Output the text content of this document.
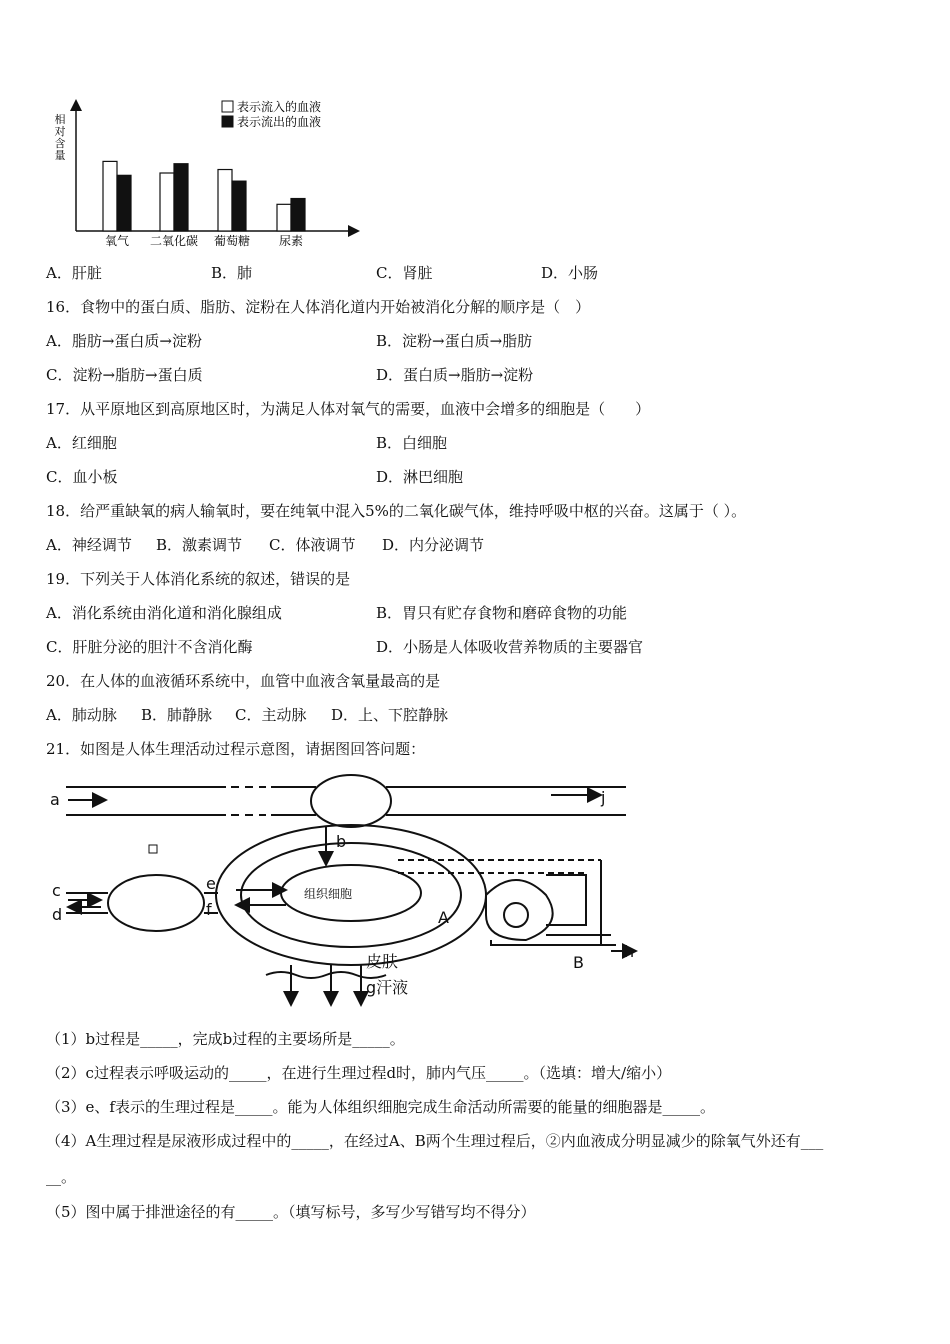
相
对
含
量
氧气 二氧化碳 葡萄糖 尿素
表示流入的血液
表示流出的血液
A．肝脏	B．肺	C．肾脏	D．小肠
16．食物中的蛋白质、脂肪、淀粉在人体消化道内开始被消化分解的顺序是（　）
A．脂肪→蛋白质→淀粉	B．淀粉→蛋白质→脂肪
C．淀粉→脂肪→蛋白质	D．蛋白质→脂肪→淀粉
17．从平原地区到高原地区时，为满足人体对氧气的需要，血液中会增多的细胞是（　　）
A．红细胞	B．白细胞
C．血小板	D．淋巴细胞
18．给严重缺氧的病人输氧时，要在纯氧中混入5%的二氧化碳气体，维持呼吸中枢的兴奋。这属于（ ）。
A．神经调节 B．激素调节 C．体液调节 D．内分泌调节
19．下列关于人体消化系统的叙述，错误的是
A．消化系统由消化道和消化腺组成	B．胃只有贮存食物和磨碎食物的功能
C．肝脏分泌的胆汁不含消化酶	D．小肠是人体吸收营养物质的主要器官
20．在人体的血液循环系统中，血管中血液含氧量最高的是
A．肺动脉 B．肺静脉 C．主动脉 D．上、下腔静脉
21．如图是人体生理活动过程示意图，请据图回答问题：
a	j
b
c
d
e
f
组织细胞
A
B
h
皮肤
g汗液
（1）b过程是_____，完成b过程的主要场所是_____。
（2）c过程表示呼吸运动的_____，在进行生理过程d时，肺内气压_____。（选填：增大/缩小）
（3）e、f表示的生理过程是_____。能为人体组织细胞完成生命活动所需要的能量的细胞器是_____。
（4）A生理过程是尿液形成过程中的_____，在经过A、B两个生理过程后，②内血液成分明显减少的除氧气外还有___
__。
（5）图中属于排泄途径的有_____。（填写标号，多写少写错写均不得分）
